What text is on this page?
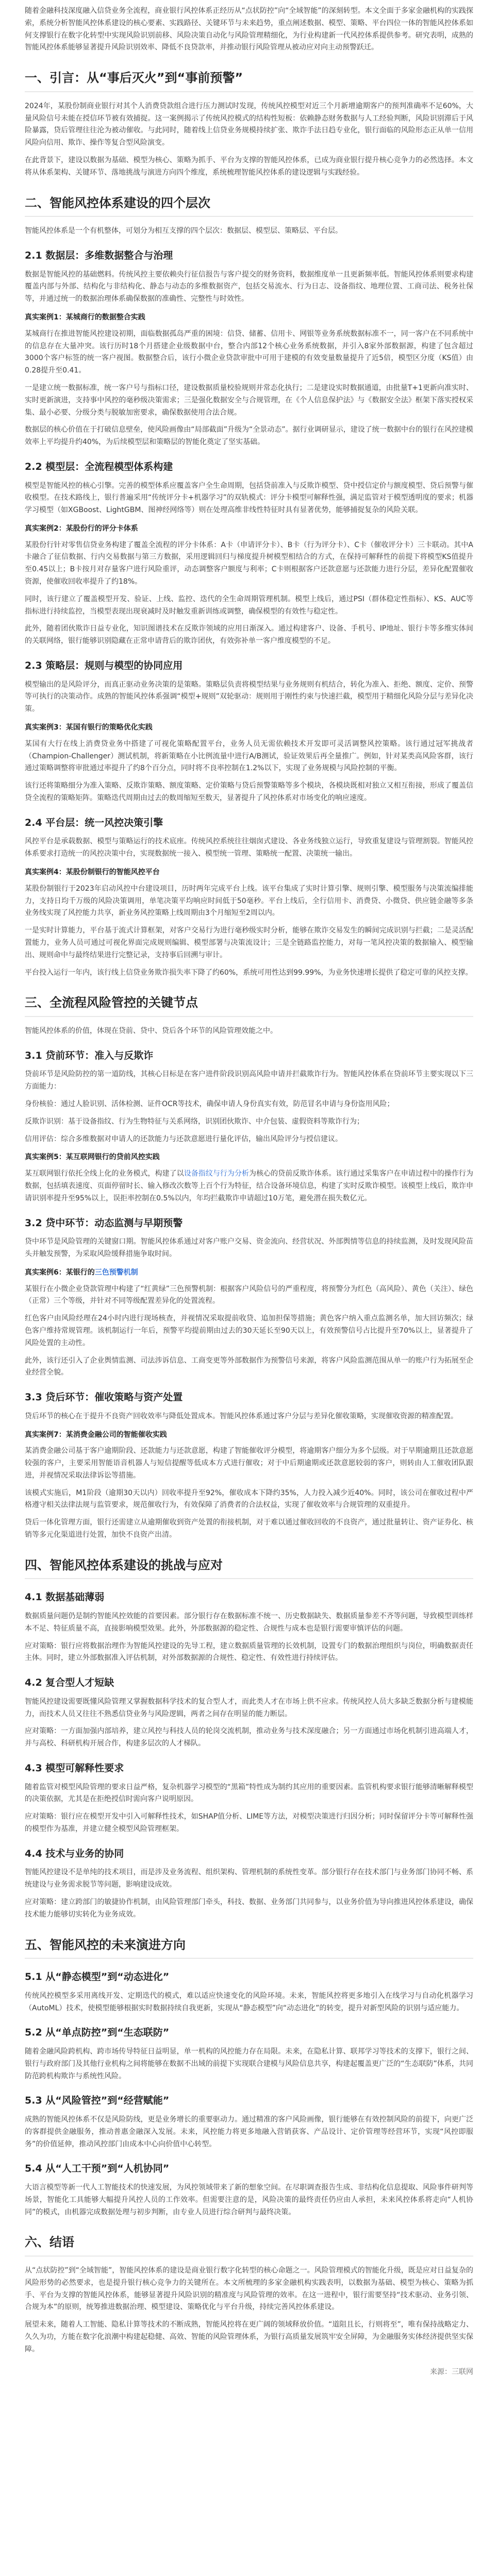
随着金融科技深度融入信贷业务全流程，商业银行风控体系正经历从“点状防控”向“全域智能”的深刻转型。本文全面于多家金融机构的实践探索，系统分析智能风控体系建设的核心要素、实践路径、关键环节与未来趋势，重点阐述数据、模型、策略、平台四位一体的智能风控体系如何支撑银行在数字化转型中实现风险识别前移、风险决策自动化与风险管理精细化，为行业构建新一代风控体系提供参考。研究表明，成熟的智能风控体系能够显著提升风险识别效率、降低不良贷款率，并推动银行风险管理从被动应对向主动预警跃迁。

一、引言：从“事后灭火”到“事前预警”

2024年，某股份制商业银行对其个人消费贷款组合进行压力测试时发现，传统风控模型对近三个月新增逾期客户的预判准确率不足60%，大量风险信号未能在授信环节被有效捕捉。这一案例揭示了传统风控模式的结构性短板：依赖静态财务数据与人工经验判断，风险识别滞后于风险暴露，贷后管理往往沦为被动催收。与此同时，随着线上信贷业务规模持续扩张、欺诈手法日趋专业化，银行面临的风险形态正从单一信用风险向信用、欺诈、操作等复合型风险演变。

在此背景下，建设以数据为基础、模型为核心、策略为抓手、平台为支撑的智能风控体系，已成为商业银行提升核心竞争力的必然选择。本文将从体系架构、关键环节、落地挑战与演进方向四个维度，系统梳理智能风控体系的建设逻辑与实践经验。

二、智能风控体系建设的四个层次

智能风控体系是一个有机整体，可划分为相互支撑的四个层次：数据层、模型层、策略层、平台层。

2.1 数据层：多维数据整合与治理

数据是智能风控的基础燃料。传统风控主要依赖央行征信报告与客户提交的财务资料，数据维度单一且更新频率低。智能风控体系则要求构建覆盖内部与外部、结构化与非结构化、静态与动态的多维数据资产，包括交易流水、行为日志、设备指纹、地理位置、工商司法、税务社保等，并通过统一的数据治理体系确保数据的准确性、完整性与时效性。

真实案例1：某城商行的数据整合实践

某城商行在推进智能风控建设初期，面临数据孤岛严重的困境：信贷、储蓄、信用卡、网银等业务系统数据标准不一，同一客户在不同系统中的信息存在大量冲突。该行历时18个月搭建企业级数据中台，整合内部12个核心业务系统数据，并引入8家外部数据源，构建了包含超过3000个客户标签的统一客户视图。数据整合后，该行小微企业贷款审批中可用于建模的有效变量数量提升了近5倍，模型区分度（KS值）由0.28提升至0.41。

一是建立统一数据标准，统一客户号与指标口径，建设数据质量校验规则并常态化执行；二是建设实时数据通道，由批量T+1更新向准实时、实时更新演进，支持事中风控的毫秒级决策需求；三是强化数据安全与合规管理，在《个人信息保护法》与《数据安全法》框架下落实授权采集、最小必要、分级分类与脱敏加密要求，确保数据使用合法合规。

数据层的核心价值在于打破信息壁垒，使风险画像由“局部截面”升级为“全景动态”。据行业调研显示，建设了统一数据中台的银行在风控建模效率上平均提升约40%，为后续模型层和策略层的智能化奠定了坚实基础。

2.2 模型层：全流程模型体系构建

模型是智能风控的核心引擎。完善的模型体系应覆盖客户全生命周期，包括贷前准入与反欺诈模型、贷中授信定价与额度模型、贷后预警与催收模型。在技术路线上，银行普遍采用“传统评分卡+机器学习”的双轨模式：评分卡模型可解释性强，满足监管对于模型透明度的要求；机器学习模型（如XGBoost、LightGBM、图神经网络等）则在处理高维非线性特征时具有显著优势，能够捕捉复杂的风险关联。

真实案例2：某股份行的评分卡体系

某股份行针对零售信贷业务构建了覆盖全流程的评分卡体系：A卡（申请评分卡）、B卡（行为评分卡）、C卡（催收评分卡）三卡联动。其中A卡融合了征信数据、行内交易数据与第三方数据，采用逻辑回归与梯度提升树模型相结合的方式，在保持可解释性的前提下将模型KS值提升至0.45以上；B卡按月对存量客户进行风险重评，动态调整客户额度与利率；C卡则根据客户还款意愿与还款能力进行分层，差异化配置催收资源，使催收回收率提升了约18%。

同时，该行建立了覆盖模型开发、验证、上线、监控、迭代的全生命周期管理机制。模型上线后，通过PSI（群体稳定性指标）、KS、AUC等指标进行持续监控，当模型表现出现衰减时及时触发重新训练或调整，确保模型的有效性与稳定性。

此外，随着团伙欺诈日益专业化，知识图谱技术在反欺诈领域的应用日渐深入。通过构建客户、设备、手机号、IP地址、银行卡等多维实体间的关联网络，银行能够识别隐藏在正常申请背后的欺诈团伙，有效弥补单一客户维度模型的不足。

2.3 策略层：规则与模型的协同应用

模型输出的是风险评分，而真正驱动业务决策的是策略。策略层负责将模型结果与业务规则有机结合，转化为准入、拒绝、额度、定价、预警等可执行的决策动作。成熟的智能风控体系强调“模型+规则”双轮驱动：规则用于刚性约束与快速拦截，模型用于精细化风险分层与差异化决策。

真实案例3：某国有银行的策略优化实践

某国有大行在线上消费贷业务中搭建了可视化策略配置平台，业务人员无需依赖技术开发即可灵活调整风控策略。该行通过冠军挑战者（Champion-Challenger）测试机制，将新策略在小比例流量中进行A/B测试，验证效果后再全量推广。例如，针对某类高风险客群，该行通过策略调整将审批通过率提升了约8个百分点，同时将不良率控制在1.2%以下，实现了业务规模与风险控制的平衡。

该行还将策略细分为准入策略、反欺诈策略、额度策略、定价策略与贷后预警策略等多个模块，各模块既相对独立又相互衔接，形成了覆盖信贷全流程的策略矩阵。策略迭代周期由过去的数周缩短至数天，显著提升了风控体系对市场变化的响应速度。

2.4 平台层：统一风控决策引擎

风控平台是承载数据、模型与策略运行的技术底座。传统风控系统往往烟囱式建设、各业务线独立运行，导致重复建设与管理割裂。智能风控体系要求打造统一的风控决策中台，实现数据统一接入、模型统一管理、策略统一配置、决策统一输出。

真实案例4：某股份制银行的智能风控平台

某股份制银行于2023年启动风控中台建设项目，历时两年完成平台上线。该平台集成了实时计算引擎、规则引擎、模型服务与决策流编排能力，支持日均千万级的风险决策调用，单笔决策平均响应时间低于50毫秒。平台上线后，全行信用卡、消费贷、小微贷、供应链金融等多条业务线实现了风控能力共享，新业务风控策略上线周期由3个月缩短至2周以内。

一是实时计算能力，平台基于流式计算框架，对客户交易行为进行毫秒级实时分析，能够在欺诈交易发生的瞬间完成识别与拦截；二是灵活配置能力，业务人员可通过可视化界面完成规则编辑、模型部署与决策流设计；三是全链路监控能力，对每一笔风控决策的数据输入、模型输出、规则命中与最终结果进行完整记录，支持事后回溯与审计。

平台投入运行一年内，该行线上信贷业务欺诈损失率下降了约60%，系统可用性达到99.99%，为业务快速增长提供了稳定可靠的风控支撑。

三、全流程风险管控的关键节点

智能风控体系的价值，体现在贷前、贷中、贷后各个环节的风险管理效能之中。

3.1 贷前环节：准入与反欺诈

贷前环节是风险防控的第一道防线，其核心目标是在客户进件阶段识别高风险申请并拦截欺诈行为。智能风控体系在贷前环节主要实现以下三方面能力：

身份核验：通过人脸识别、活体检测、证件OCR等技术，确保申请人身份真实有效，防范冒名申请与身份盗用风险；

反欺诈识别：基于设备指纹、行为生物特征与关系网络，识别团伙欺诈、中介包装、虚假资料等欺诈行为；

信用评估：综合多维数据对申请人的还款能力与还款意愿进行量化评估，输出风险评分与授信建议。

真实案例5：某互联网银行的贷前风控实践

某互联网银行依托全线上化的业务模式，构建了以设备指纹与行为分析为核心的贷前反欺诈体系。该行通过采集客户在申请过程中的操作行为数据，包括填表速度、页面停留时长、输入修改次数等上百个行为特征，结合设备环境信息，构建了实时反欺诈模型。该模型上线后，欺诈申请识别率提升至95%以上，误拒率控制在0.5%以内，年均拦截欺诈申请超过10万笔，避免潜在损失数亿元。

3.2 贷中环节：动态监测与早期预警

贷中环节是风险管理的关键窗口期。智能风控体系通过对客户账户交易、资金流向、经营状况、外部舆情等信息的持续监测，及时发现风险苗头并触发预警，为采取风险缓释措施争取时间。

真实案例6：某银行的三色预警机制

某银行在小微企业贷款管理中构建了“红黄绿”三色预警机制：根据客户风险信号的严重程度，将预警分为红色（高风险）、黄色（关注）、绿色（正常）三个等级，并针对不同等级配置差异化的处置流程。

红色客户由风险经理在24小时内进行现场核查，并视情况采取提前收贷、追加担保等措施；黄色客户纳入重点监测名单，加大回访频次；绿色客户维持常规管理。该机制运行一年后，预警平均提前期由过去的30天延长至90天以上，有效预警信号占比提升至70%以上，显著提升了风险处置的主动性。

此外，该行还引入了企业舆情监测、司法涉诉信息、工商变更等外部数据作为预警信号来源，将客户风险监测范围从单一的账户行为拓展至企业经营全貌。

3.3 贷后环节：催收策略与资产处置

贷后环节的核心在于提升不良资产回收效率与降低处置成本。智能风控体系通过客户分层与差异化催收策略，实现催收资源的精准配置。

真实案例7：某消费金融公司的智能催收实践

某消费金融公司基于客户逾期阶段、还款能力与还款意愿，构建了智能催收评分模型，将逾期客户细分为多个层级。对于早期逾期且还款意愿较强的客户，主要采用智能语音机器人与短信提醒等低成本方式进行催收；对于中后期逾期或还款意愿较弱的客户，则转由人工催收团队跟进，并视情况采取法律诉讼等措施。

该模式实施后，M1阶段（逾期30天以内）回收率提升至92%，催收成本下降约35%，人力投入减少近40%。同时，该公司在催收过程中严格遵守相关法律法规与监管要求，规范催收行为，有效保障了消费者的合法权益，实现了催收效率与合规管理的双重提升。

贷后一体化管理方面，银行还需建立从逾期催收到资产处置的衔接机制，对于难以通过催收回收的不良资产，通过批量转让、资产证券化、核销等多元化渠道进行处置，加快不良资产出清。

四、智能风控体系建设的挑战与应对
4.1 数据基础薄弱

数据质量问题仍是制约智能风控效能的首要因素。部分银行存在数据标准不统一、历史数据缺失、数据质量参差不齐等问题，导致模型训练样本不足、特征质量不高，直接影响模型效果。此外，外部数据源的稳定性、合规性与成本也是银行需要审慎评估的问题。

应对策略：银行应将数据治理作为智能风控建设的先导工程，建立数据质量管理的长效机制，设置专门的数据治理组织与岗位，明确数据责任主体。同时，建立外部数据准入评估机制，对外部数据源的合规性、稳定性、有效性进行持续评估。

4.2 复合型人才短缺

智能风控建设需要既懂风险管理又掌握数据科学技术的复合型人才，而此类人才在市场上供不应求。传统风控人员大多缺乏数据分析与建模能力，而技术人员又往往不熟悉信贷业务与风险逻辑，两者之间存在明显的能力断层。

应对策略：一方面加强内部培养，建立风控与科技人员的轮岗交流机制，推动业务与技术深度融合；另一方面通过市场化机制引进高端人才，并与高校、科研机构开展合作，构建多层次的人才梯队。

4.3 模型可解释性要求

随着监管对模型风险管理的要求日益严格，复杂机器学习模型的“黑箱”特性成为制约其应用的重要因素。监管机构要求银行能够清晰解释模型的决策依据，尤其是在拒绝授信时需向客户说明原因。

应对策略：银行应在模型开发中引入可解释性技术，如SHAP值分析、LIME等方法，对模型决策进行归因分析；同时保留评分卡等可解释性强的模型作为基准，并建立健全模型风险管理框架。

4.4 技术与业务的协同

智能风控建设不是单纯的技术项目，而是涉及业务流程、组织架构、管理机制的系统性变革。部分银行存在技术部门与业务部门协同不畅、系统建设与业务需求脱节等问题，影响建设成效。

应对策略：建立跨部门的敏捷协作机制，由风险管理部门牵头，科技、数据、业务部门共同参与，以业务价值为导向推进风控体系建设，确保技术能力能够切实转化为业务成效。

五、智能风控的未来演进方向
5.1 从“静态模型”到“动态进化”

传统风控模型多采用离线开发、定期迭代的模式，难以适应快速变化的风险环境。未来，智能风控将更多地引入在线学习与自动化机器学习（AutoML）技术，使模型能够根据实时数据持续自我更新，实现从“静态模型”向“动态进化”的转变，提升对新型风险的识别与适应能力。

5.2 从“单点防控”到“生态联防”

随着金融风险跨机构、跨市场传导特征日益明显，单一机构的风控能力存在局限。未来，在隐私计算、联邦学习等技术的支撑下，银行之间、银行与政府部门及其他行业机构之间将能够在数据不出域的前提下实现联合建模与风险信息共享，构建起覆盖更广泛的“生态联防”体系，共同防范跨机构欺诈与系统性风险。

5.3 从“风险管控”到“经营赋能”

成熟的智能风控体系不仅是风险防线，更是业务增长的重要驱动力。通过精准的客户风险画像，银行能够在有效控制风险的前提下，向更广泛的客群提供金融服务，推动普惠金融深入发展。未来，风控能力将更多地融入营销获客、产品设计、定价管理等经营环节，实现“风控即服务”的价值延伸，推动风控部门由成本中心向价值中心转型。

5.4 从“人工干预”到“人机协同”

大语言模型等新一代人工智能技术的快速发展，为风控领域带来了新的想象空间。在尽职调查报告生成、非结构化信息提取、风险事件研判等场景，智能化工具能够大幅提升风控人员的工作效率。但需要注意的是，风险决策的最终责任仍应由人承担，未来风控体系将走向“人机协同”的模式，由机器完成数据处理与初步判断，由专业人员进行综合研判与最终决策。

六、结语

从“点状防控”到“全域智能”，智能风控体系的建设是商业银行数字化转型的核心命题之一。风险管理模式的智能化升级，既是应对日益复杂的风险形势的必然要求，也是提升银行核心竞争力的关键所在。本文所梳理的多家金融机构实践表明，以数据为基础、模型为核心、策略为抓手、平台为支撑的智能风控体系，能够显著提升风险识别的精准度与风险管理的效率。在这一进程中，银行需要坚持“技术驱动、业务引领、合规为本”的原则，统筹推进数据治理、模型建设、策略优化与平台升级，持续完善风控体系建设。

展望未来，随着人工智能、隐私计算等技术的不断成熟，智能风控将在更广阔的领域释放价值。“道阻且长，行则将至”，唯有保持战略定力、久久为功，方能在数字化浪潮中构建起稳健、高效、智能的风险管理体系，为银行高质量发展筑牢安全屏障，为金融服务实体经济提供坚实保障。

来源：三联网
